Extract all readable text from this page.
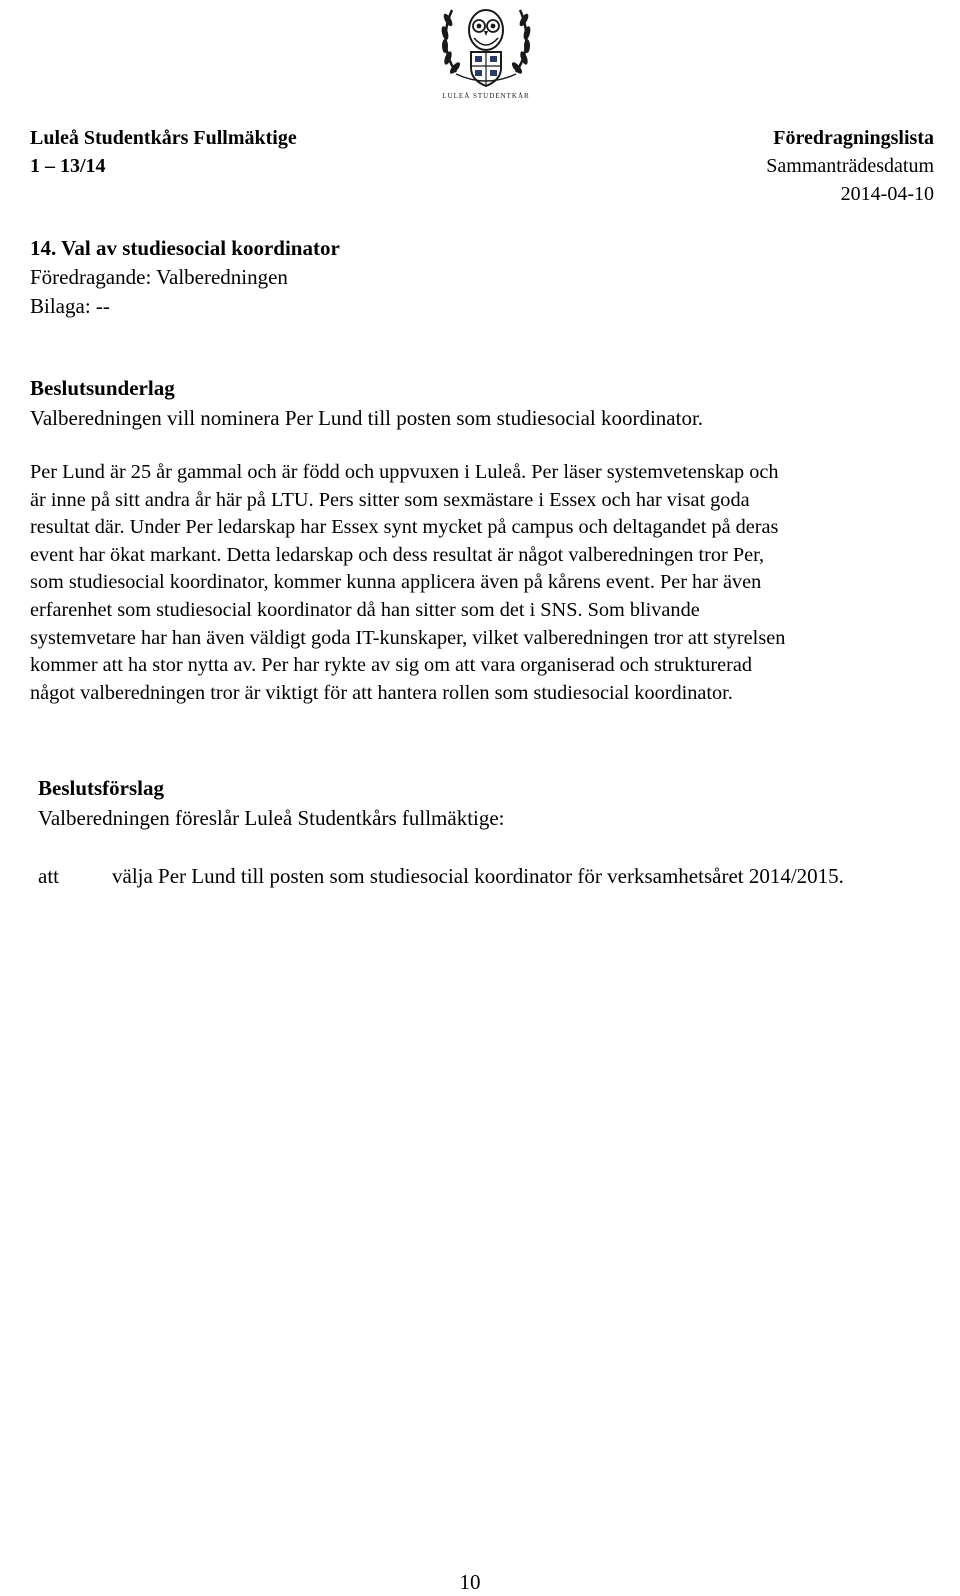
LULEÅ STUDENTKÅR
Luleå Studentkårs Fullmäktige
1 – 13/14
Föredragningslista
Sammanträdesdatum
2014-04-10
14. Val av studiesocial koordinator
Föredragande: Valberedningen
Bilaga: --
Beslutsunderlag
Valberedningen vill nominera Per Lund till posten som studiesocial koordinator.
Per Lund är 25 år gammal och är född och uppvuxen i Luleå. Per läser systemvetenskap och
är inne på sitt andra år här på LTU. Pers sitter som sexmästare i Essex och har visat goda
resultat där. Under Per ledarskap har Essex synt mycket på campus och deltagandet på deras
event har ökat markant. Detta ledarskap och dess resultat är något valberedningen tror Per,
som studiesocial koordinator, kommer kunna applicera även på kårens event. Per har även
erfarenhet som studiesocial koordinator då han sitter som det i SNS. Som blivande
systemvetare har han även väldigt goda IT-kunskaper, vilket valberedningen tror att styrelsen
kommer att ha stor nytta av. Per har rykte av sig om att vara organiserad och strukturerad
något valberedningen tror är viktigt för att hantera rollen som studiesocial koordinator.
Beslutsförslag
Valberedningen föreslår Luleå Studentkårs fullmäktige:
att	välja Per Lund till posten som studiesocial koordinator för verksamhetsåret 2014/2015.
10
